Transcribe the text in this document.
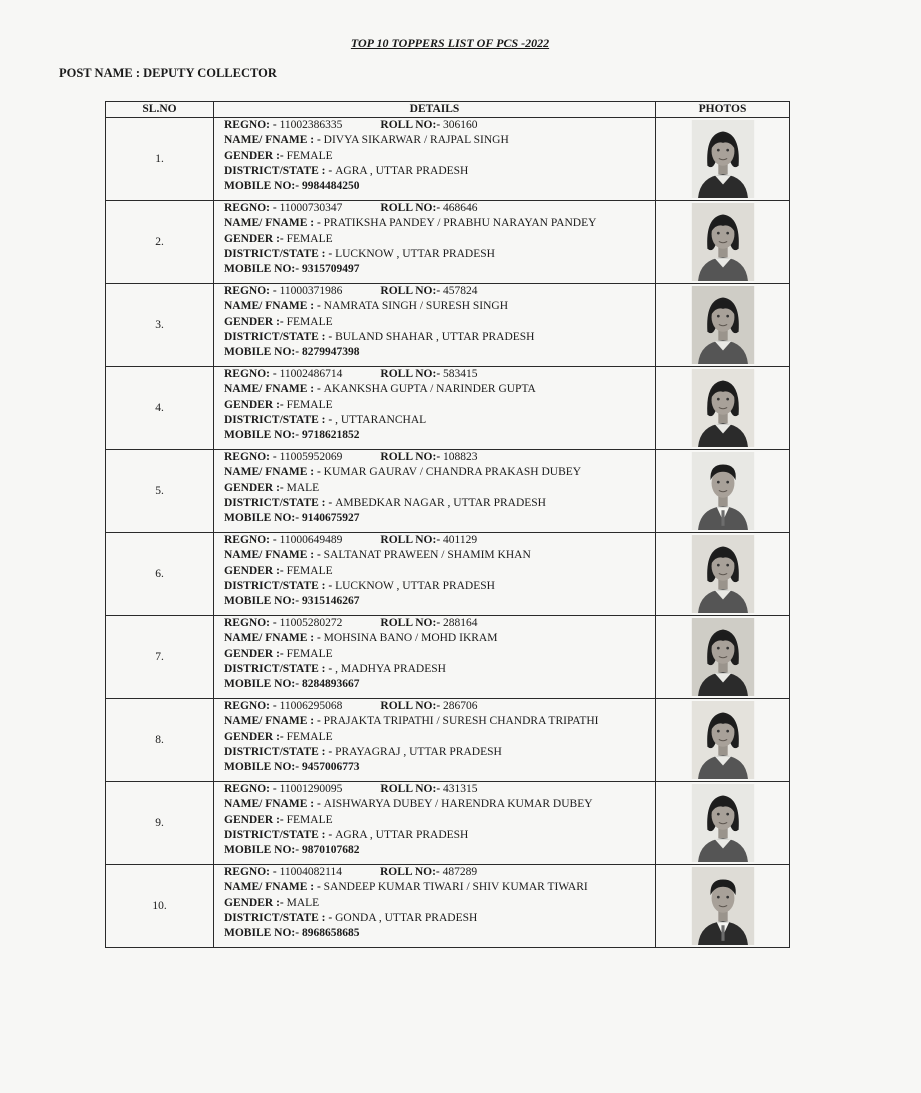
TOP 10 TOPPERS LIST OF PCS -2022
POST NAME : DEPUTY COLLECTOR
SL.NO	DETAILS	PHOTOS
1.	REGNO: - 11002386335 ROLL NO:- 306160
NAME/ FNAME : - DIVYA SIKARWAR / RAJPAL SINGH
GENDER :- FEMALE
DISTRICT/STATE : - AGRA , UTTAR PRADESH
MOBILE NO:- 9984484250

2.	REGNO: - 11000730347 ROLL NO:- 468646
NAME/ FNAME : - PRATIKSHA PANDEY / PRABHU NARAYAN PANDEY
GENDER :- FEMALE
DISTRICT/STATE : - LUCKNOW , UTTAR PRADESH
MOBILE NO:- 9315709497

3.	REGNO: - 11000371986 ROLL NO:- 457824
NAME/ FNAME : - NAMRATA SINGH / SURESH SINGH
GENDER :- FEMALE
DISTRICT/STATE : - BULAND SHAHAR , UTTAR PRADESH
MOBILE NO:- 8279947398

4.	REGNO: - 11002486714 ROLL NO:- 583415
NAME/ FNAME : - AKANKSHA GUPTA / NARINDER GUPTA
GENDER :- FEMALE
DISTRICT/STATE : - , UTTARANCHAL
MOBILE NO:- 9718621852

5.	REGNO: - 11005952069 ROLL NO:- 108823
NAME/ FNAME : - KUMAR GAURAV / CHANDRA PRAKASH DUBEY
GENDER :- MALE
DISTRICT/STATE : - AMBEDKAR NAGAR , UTTAR PRADESH
MOBILE NO:- 9140675927

6.	REGNO: - 11000649489 ROLL NO:- 401129
NAME/ FNAME : - SALTANAT PRAWEEN / SHAMIM KHAN
GENDER :- FEMALE
DISTRICT/STATE : - LUCKNOW , UTTAR PRADESH
MOBILE NO:- 9315146267

7.	REGNO: - 11005280272 ROLL NO:- 288164
NAME/ FNAME : - MOHSINA BANO / MOHD IKRAM
GENDER :- FEMALE
DISTRICT/STATE : - , MADHYA PRADESH
MOBILE NO:- 8284893667

8.	REGNO: - 11006295068 ROLL NO:- 286706
NAME/ FNAME : - PRAJAKTA TRIPATHI / SURESH CHANDRA TRIPATHI
GENDER :- FEMALE
DISTRICT/STATE : - PRAYAGRAJ , UTTAR PRADESH
MOBILE NO:- 9457006773

9.	REGNO: - 11001290095 ROLL NO:- 431315
NAME/ FNAME : - AISHWARYA DUBEY / HARENDRA KUMAR DUBEY
GENDER :- FEMALE
DISTRICT/STATE : - AGRA , UTTAR PRADESH
MOBILE NO:- 9870107682

10.	REGNO: - 11004082114 ROLL NO:- 487289
NAME/ FNAME : - SANDEEP KUMAR TIWARI / SHIV KUMAR TIWARI
GENDER :- MALE
DISTRICT/STATE : - GONDA , UTTAR PRADESH
MOBILE NO:- 8968658685
